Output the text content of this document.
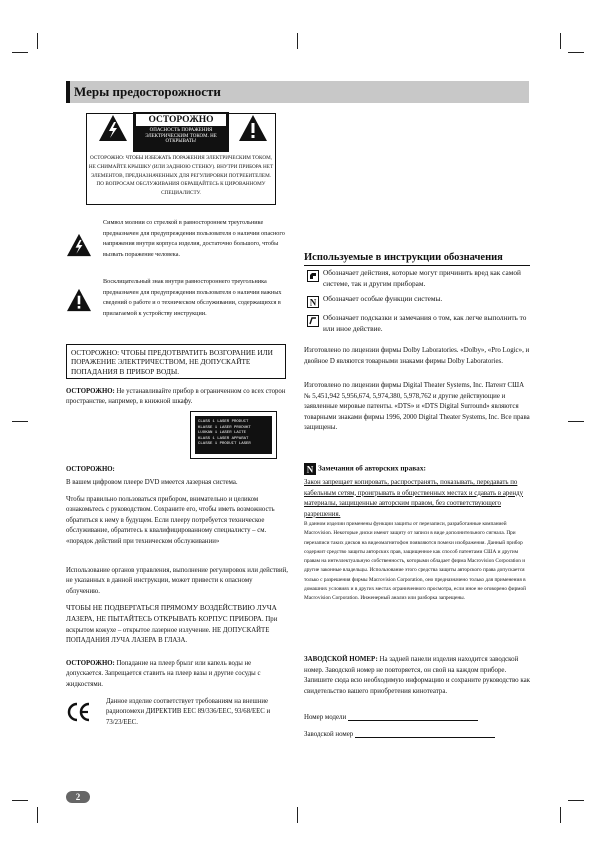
Меры предосторожности
ОСТОРОЖНО
ОПАСНОСТЬ ПОРАЖЕНИЯ ЭЛЕКТРИЧЕСКИМ ТОКОМ. НЕ ОТКРЫВАТЬ!
ОСТОРОЖНО: ЧТОБЫ ИЗБЕЖАТЬ ПОРАЖЕНИЯ ЭЛЕКТРИЧЕСКИМ ТОКОМ, НЕ СНИМАЙТЕ КРЫШКУ (ИЛИ ЗАДНЮЮ СТЕНКУ). ВНУТРИ ПРИБОРА НЕТ ЭЛЕМЕНТОВ, ПРЕДНАЗНАЧЕННЫХ ДЛЯ РЕГУЛИРОВКИ ПОТРЕБИТЕЛЕМ. ПО ВОПРОСАМ ОБСЛУЖИВАНИЯ ОБРАЩАЙТЕСЬ К ЦИРОВАННОМУ СПЕЦИАЛИСТУ.
Символ молнии со стрелкой в равностороннем треугольнике предназначен для предупреждения пользователя о наличии опасного напряжения внутри корпуса изделия, достаточно большого, чтобы вызвать поражение человека.
Восклицательный знак внутри равностороннего треугольника предназначен для предупреждения пользователя о наличии важных сведений о работе и о техническом обслуживании, содержащихся в прилагаемой к устройству инструкции.
ОСТОРОЖНО: ЧТОБЫ ПРЕДОТВРАТИТЬ ВОЗГОРАНИЕ ИЛИ ПОРАЖЕНИЕ ЭЛЕКТРИЧЕСТВОМ, НЕ ДОПУСКАЙТЕ ПОПАДАНИЯ В ПРИБОР ВОДЫ.
ОСТОРОЖНО: Не устанавливайте прибор в ограниченном со всех сторон пространстве, например, в книжной шкафу.
CLASS 1 LASER PRODUCT
KLASSE 1 LASER PRODUKT
LUOKAN 1 LASER LAITE
KLASS 1 LASER APPARAT
CLASSE 1 PRODUIT LASER
ОСТОРОЖНО:
В вашем цифровом плеере DVD имеется лазерная система.
Чтобы правильно пользоваться прибором, внимательно и целиком ознакомьтесь с руководством. Сохраните его, чтобы иметь возможность обратиться к нему в будущем. Если плееру потребуется техническое обслуживание, обратитесь к квалифицированному специалисту – см. «порядок действий при техническом обслуживании»
Использование органов управления, выполнение регулировок или действий, не указанных в данной инструкции, может привести к опасному облучению.
ЧТОБЫ НЕ ПОДВЕРГАТЬСЯ ПРЯМОМУ ВОЗДЕЙСТВИЮ ЛУЧА ЛАЗЕРА, НЕ ПЫТАЙТЕСЬ ОТКРЫВАТЬ КОРПУС ПРИБОРА. При вскрытом кожухе – открытое лазерное излучение. НЕ ДОПУСКАЙТЕ ПОПАДАНИЯ ЛУЧА ЛАЗЕРА В ГЛАЗА.
ОСТОРОЖНО: Попадание на плеер брызг или капель воды не допускается. Запрещается ставить на плеер вазы и другие сосуды с жидкостями.
Данное изделие соответствует требованиям на внешние радиопомехи ДИРЕКТИВ ЕЕС 89/336/EEC, 93/68/EEC и 73/23/EEC.
2
Используемые в инструкции обозначения
Обозначает действия, которые могут причинить вред как самой системе, так и другим приборам.
N Обозначает особые функции системы.
Обозначает подсказки и замечания о том, как легче выполнить то или иное действие.
Изготовлено по лицензии фирмы Dolby Laboratories. «Dolby», «Pro Logic», и двойное D являются товарными знаками фирмы Dolby Laboratories.
Изготовлено по лицензии фирмы Digital Theater Systems, Inc. Патент США № 5,451,942 5,956,674, 5,974,380, 5,978,762 и другие действующие и заявленные мировые патенты. «DTS» и «DTS Digital Surround» являются товарными знаками фирмы 1996, 2000 Digital Theater Systems, Inc. Все права защищены.
N Замечания об авторских правах:
Закон запрещает копировать, распространять, показывать, передавать по кабельным сетям, проигрывать в общественных местах и сдавать в аренду материалы, защищенные авторским правом, без соответствующего разрешения.
В данном изделии применены функции защиты от перезаписи, разработанные компанией Macrovision. Некоторые диски имеют защиту от записи в виде дополнительного сигнала. При перезаписи таких дисков на видеомагнитофон появляются помехи изображения. Данный прибор содержит средство защиты авторских прав, защищенное как способ патентами США и другим правам на интеллектуальную собственность, которыми обладает фирма Macrovision Corporation и другие законные владельцы. Использование этого средства защиты авторского права допускается только с разрешения фирмы Macrovision Corporation, оно предназначено только для применения в домашних условиях и в других местах ограниченного просмотра, если иное не оговорено фирмой Macrovision Corporation. Инженерный анализ или разборка запрещены.
ЗАВОДСКОЙ НОМЕР: На задней панели изделия находится заводской номер. Заводской номер не повторяется, он свой на каждом приборе. Запишите сюда всю необходимую информацию и сохраните руководство как свидетельство вашего приобретения кинотеатра.
Номер модели
Заводской номер
